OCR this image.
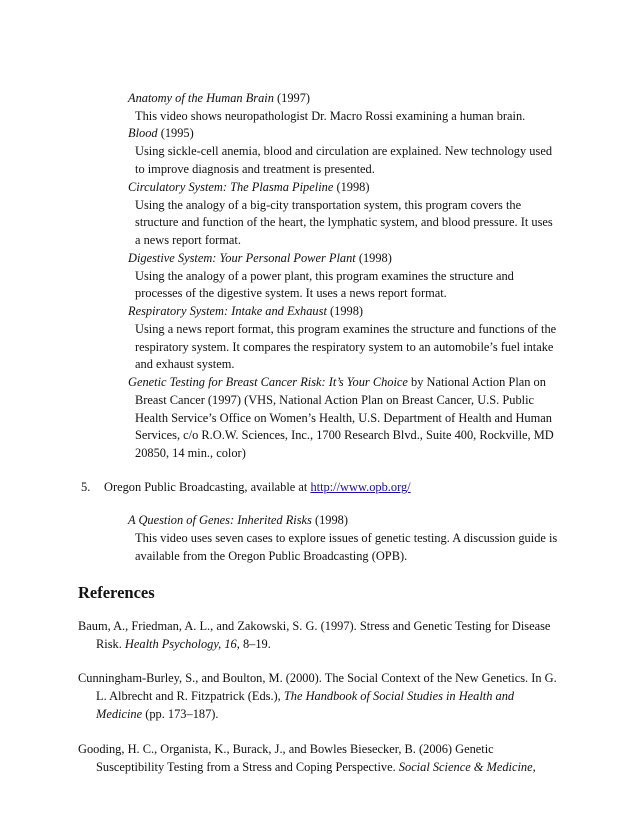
Anatomy of the Human Brain (1997)
This video shows neuropathologist Dr. Macro Rossi examining a human brain.
Blood (1995)
Using sickle-cell anemia, blood and circulation are explained. New technology used
to improve diagnosis and treatment is presented.
Circulatory System: The Plasma Pipeline (1998)
Using the analogy of a big-city transportation system, this program covers the
structure and function of the heart, the lymphatic system, and blood pressure. It uses
a news report format.
Digestive System: Your Personal Power Plant (1998)
Using the analogy of a power plant, this program examines the structure and
processes of the digestive system. It uses a news report format.
Respiratory System: Intake and Exhaust (1998)
Using a news report format, this program examines the structure and functions of the
respiratory system. It compares the respiratory system to an automobile’s fuel intake
and exhaust system.
Genetic Testing for Breast Cancer Risk: It’s Your Choice by National Action Plan on
Breast Cancer (1997) (VHS, National Action Plan on Breast Cancer, U.S. Public
Health Service’s Office on Women’s Health, U.S. Department of Health and Human
Services, c/o R.O.W. Sciences, Inc., 1700 Research Blvd., Suite 400, Rockville, MD
20850, 14 min., color)
5. Oregon Public Broadcasting, available at http://www.opb.org/
A Question of Genes: Inherited Risks (1998)
This video uses seven cases to explore issues of genetic testing. A discussion guide is
available from the Oregon Public Broadcasting (OPB).
References
Baum, A., Friedman, A. L., and Zakowski, S. G. (1997). Stress and Genetic Testing for Disease
Risk. Health Psychology, 16, 8–19.
Cunningham-Burley, S., and Boulton, M. (2000). The Social Context of the New Genetics. In G.
L. Albrecht and R. Fitzpatrick (Eds.), The Handbook of Social Studies in Health and
Medicine (pp. 173–187).
Gooding, H. C., Organista, K., Burack, J., and Bowles Biesecker, B. (2006) Genetic
Susceptibility Testing from a Stress and Coping Perspective. Social Science & Medicine,
